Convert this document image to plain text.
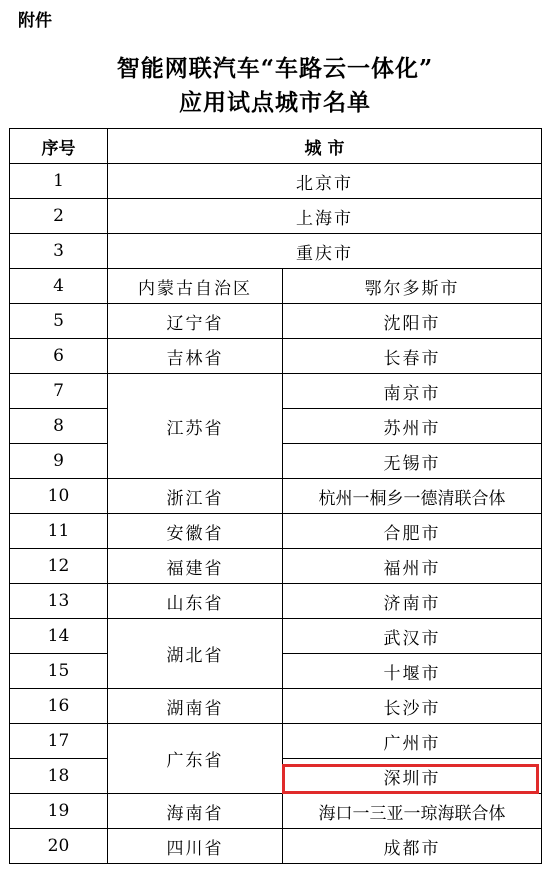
附件
智能网联汽车“车路云一体化”
应用试点城市名单
序号	城 市	
1	北京市	
2	上海市	
3	重庆市	
4	内蒙古自治区	鄂尔多斯市
5	辽宁省	沈阳市
6	吉林省	长春市
7	江苏省	南京市
8		苏州市
9		无锡市
10	浙江省	杭州一桐乡一德清联合体
11	安徽省	合肥市
12	福建省	福州市
13	山东省	济南市
14	湖北省	武汉市
15		十堰市
16	湖南省	长沙市
17	广东省	广州市
18		深圳市
19	海南省	海口一三亚一琼海联合体
20	四川省	成都市
